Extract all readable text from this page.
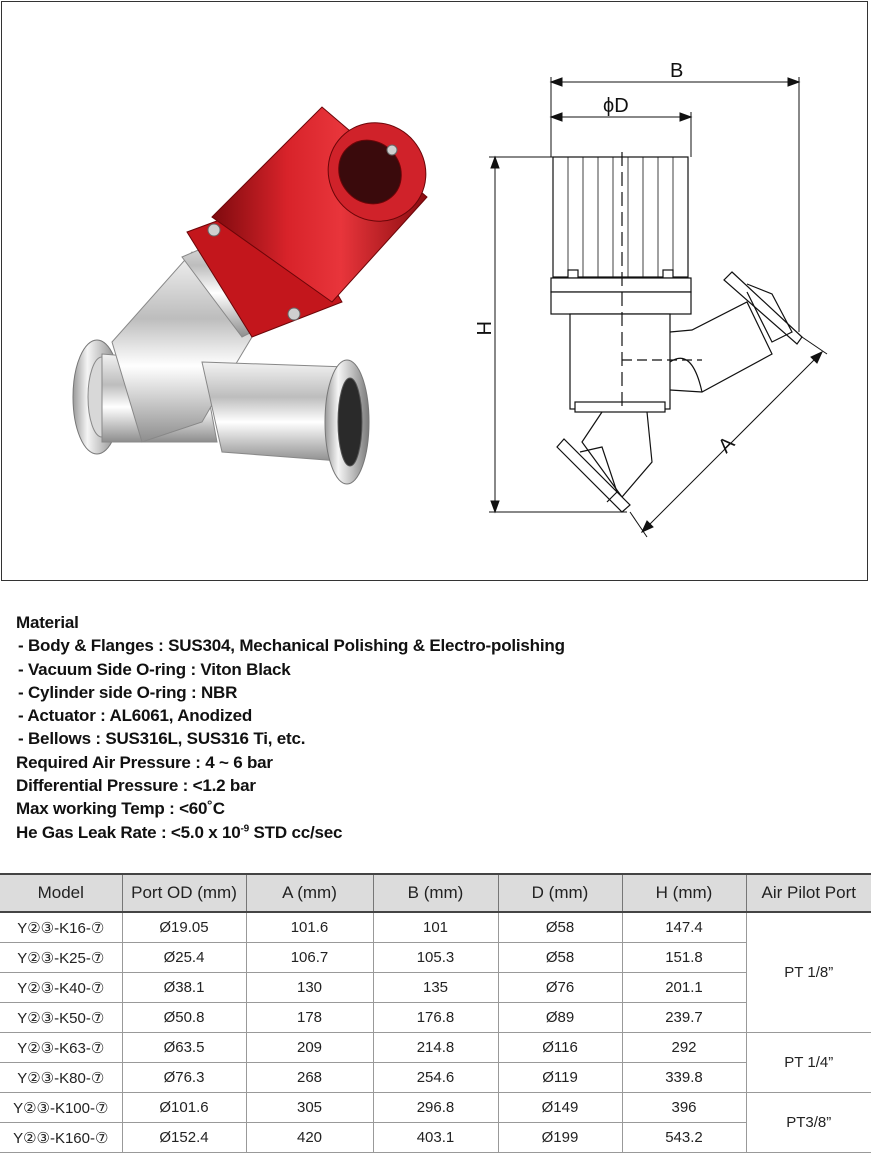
B
ϕD
H
A
Material
- Body & Flanges : SUS304, Mechanical Polishing & Electro-polishing
- Vacuum Side O-ring : Viton Black
- Cylinder side O-ring : NBR
- Actuator : AL6061, Anodized
- Bellows : SUS316L, SUS316 Ti, etc.
Required Air Pressure : 4 ~ 6 bar
Differential Pressure : <1.2 bar
Max working Temp : <60˚C
He Gas Leak Rate : <5.0 x $10^{-9}$ STD cc/sec
Model	Port OD (mm)	A (mm)	B (mm)	D (mm)	H (mm)	Air Pilot Port
Y②③-K16-⑦	Ø19.05	101.6	101	Ø58	147.4	PT 1/8”
Y②③-K25-⑦	Ø25.4	106.7	105.3	Ø58	151.8	
Y②③-K40-⑦	Ø38.1	130	135	Ø76	201.1	
Y②③-K50-⑦	Ø50.8	178	176.8	Ø89	239.7	
Y②③-K63-⑦	Ø63.5	209	214.8	Ø116	292	PT 1/4”
Y②③-K80-⑦	Ø76.3	268	254.6	Ø119	339.8	
Y②③-K100-⑦	Ø101.6	305	296.8	Ø149	396	PT3/8”
Y②③-K160-⑦	Ø152.4	420	403.1	Ø199	543.2	
